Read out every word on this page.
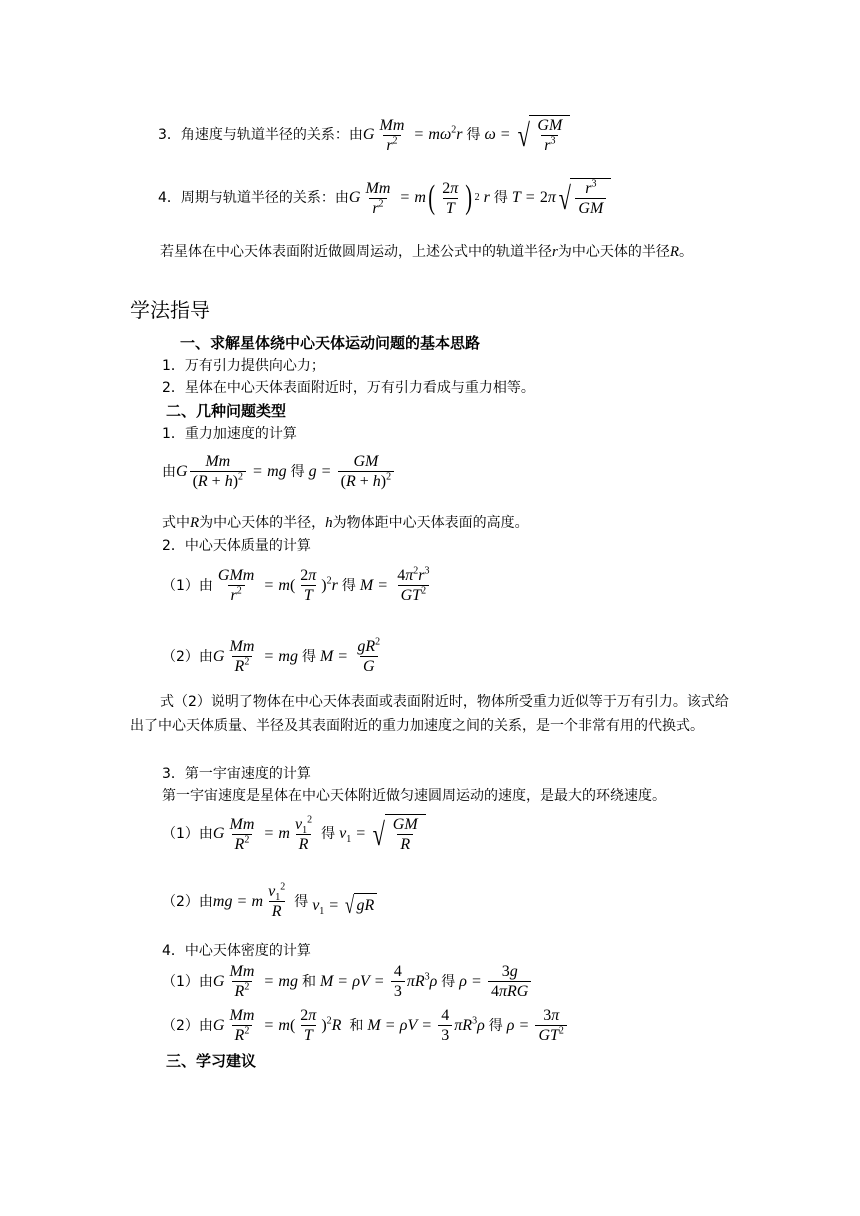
3．角速度与轨道半径的关系：由 G $\frac{Mm}{r^2} = m\omega^2r$ 得 ω = √ $\frac{GM}{r^3}$
4．周期与轨道半径的关系：由 G $\frac{Mm}{r^2} = m$ ( $\frac{2\pi}{T}$ ) 2 r 得 T = 2 π √ $\frac{r^3}{GM}$
若星体在中心天体表面附近做圆周运动，上述公式中的轨道半径r为中心天体的半径R。
学法指导
一、求解星体绕中心天体运动问题的基本思路
1．万有引力提供向心力；
2．星体在中心天体表面附近时，万有引力看成与重力相等。
二、几种问题类型
1．重力加速度的计算
由 G $\frac{Mm}{(R + h)^2}$ = mg 得 $g = \frac{GM}{(R + h)^2}$
式中R为中心天体的半径，h为物体距中心天体表面的高度。
2．中心天体质量的计算
（1）由 $\frac{\text{GMm}}{r^2} = m( \frac{2\pi}{T} )^2r$ 得 $M = \frac{4\pi^2r^3}{GT^2}$
（2）由 G $\frac{Mm}{R^2}$ = mg 得 $M = \frac{gR^2}{G}$
式（2）说明了物体在中心天体表面或表面附近时，物体所受重力近似等于万有引力。该式给出了中心天体质量、半径及其表面附近的重力加速度之间的关系，是一个非常有用的代换式。
3．第一宇宙速度的计算
第一宇宙速度是星体在中心天体附近做匀速圆周运动的速度，是最大的环绕速度。
（1）由 G $\frac{Mm}{R^2} = m \frac{v_1^2}{R}$ 得 $v_1$ = √ $\frac{GM}{R}$
（2）由 mg = m $\frac{v_1^2}{R}$ 得 $v_1$ = √ gR
4．中心天体密度的计算
（1）由 G $\frac{Mm}{R^2}$ = mg 和 $M = \rho V = \frac{4}{3} \pi R^3\rho$ 得 $\rho = \frac{3g}{\text{4πRG}}$
（2）由 G $\frac{Mm}{R^2} = m( \frac{2\pi}{T} )^2R$ 和 $M = \rho V = \frac{4}{3} \pi R^3\rho$ 得 $\rho = \frac{3\pi}{GT^2}$
三、学习建议
